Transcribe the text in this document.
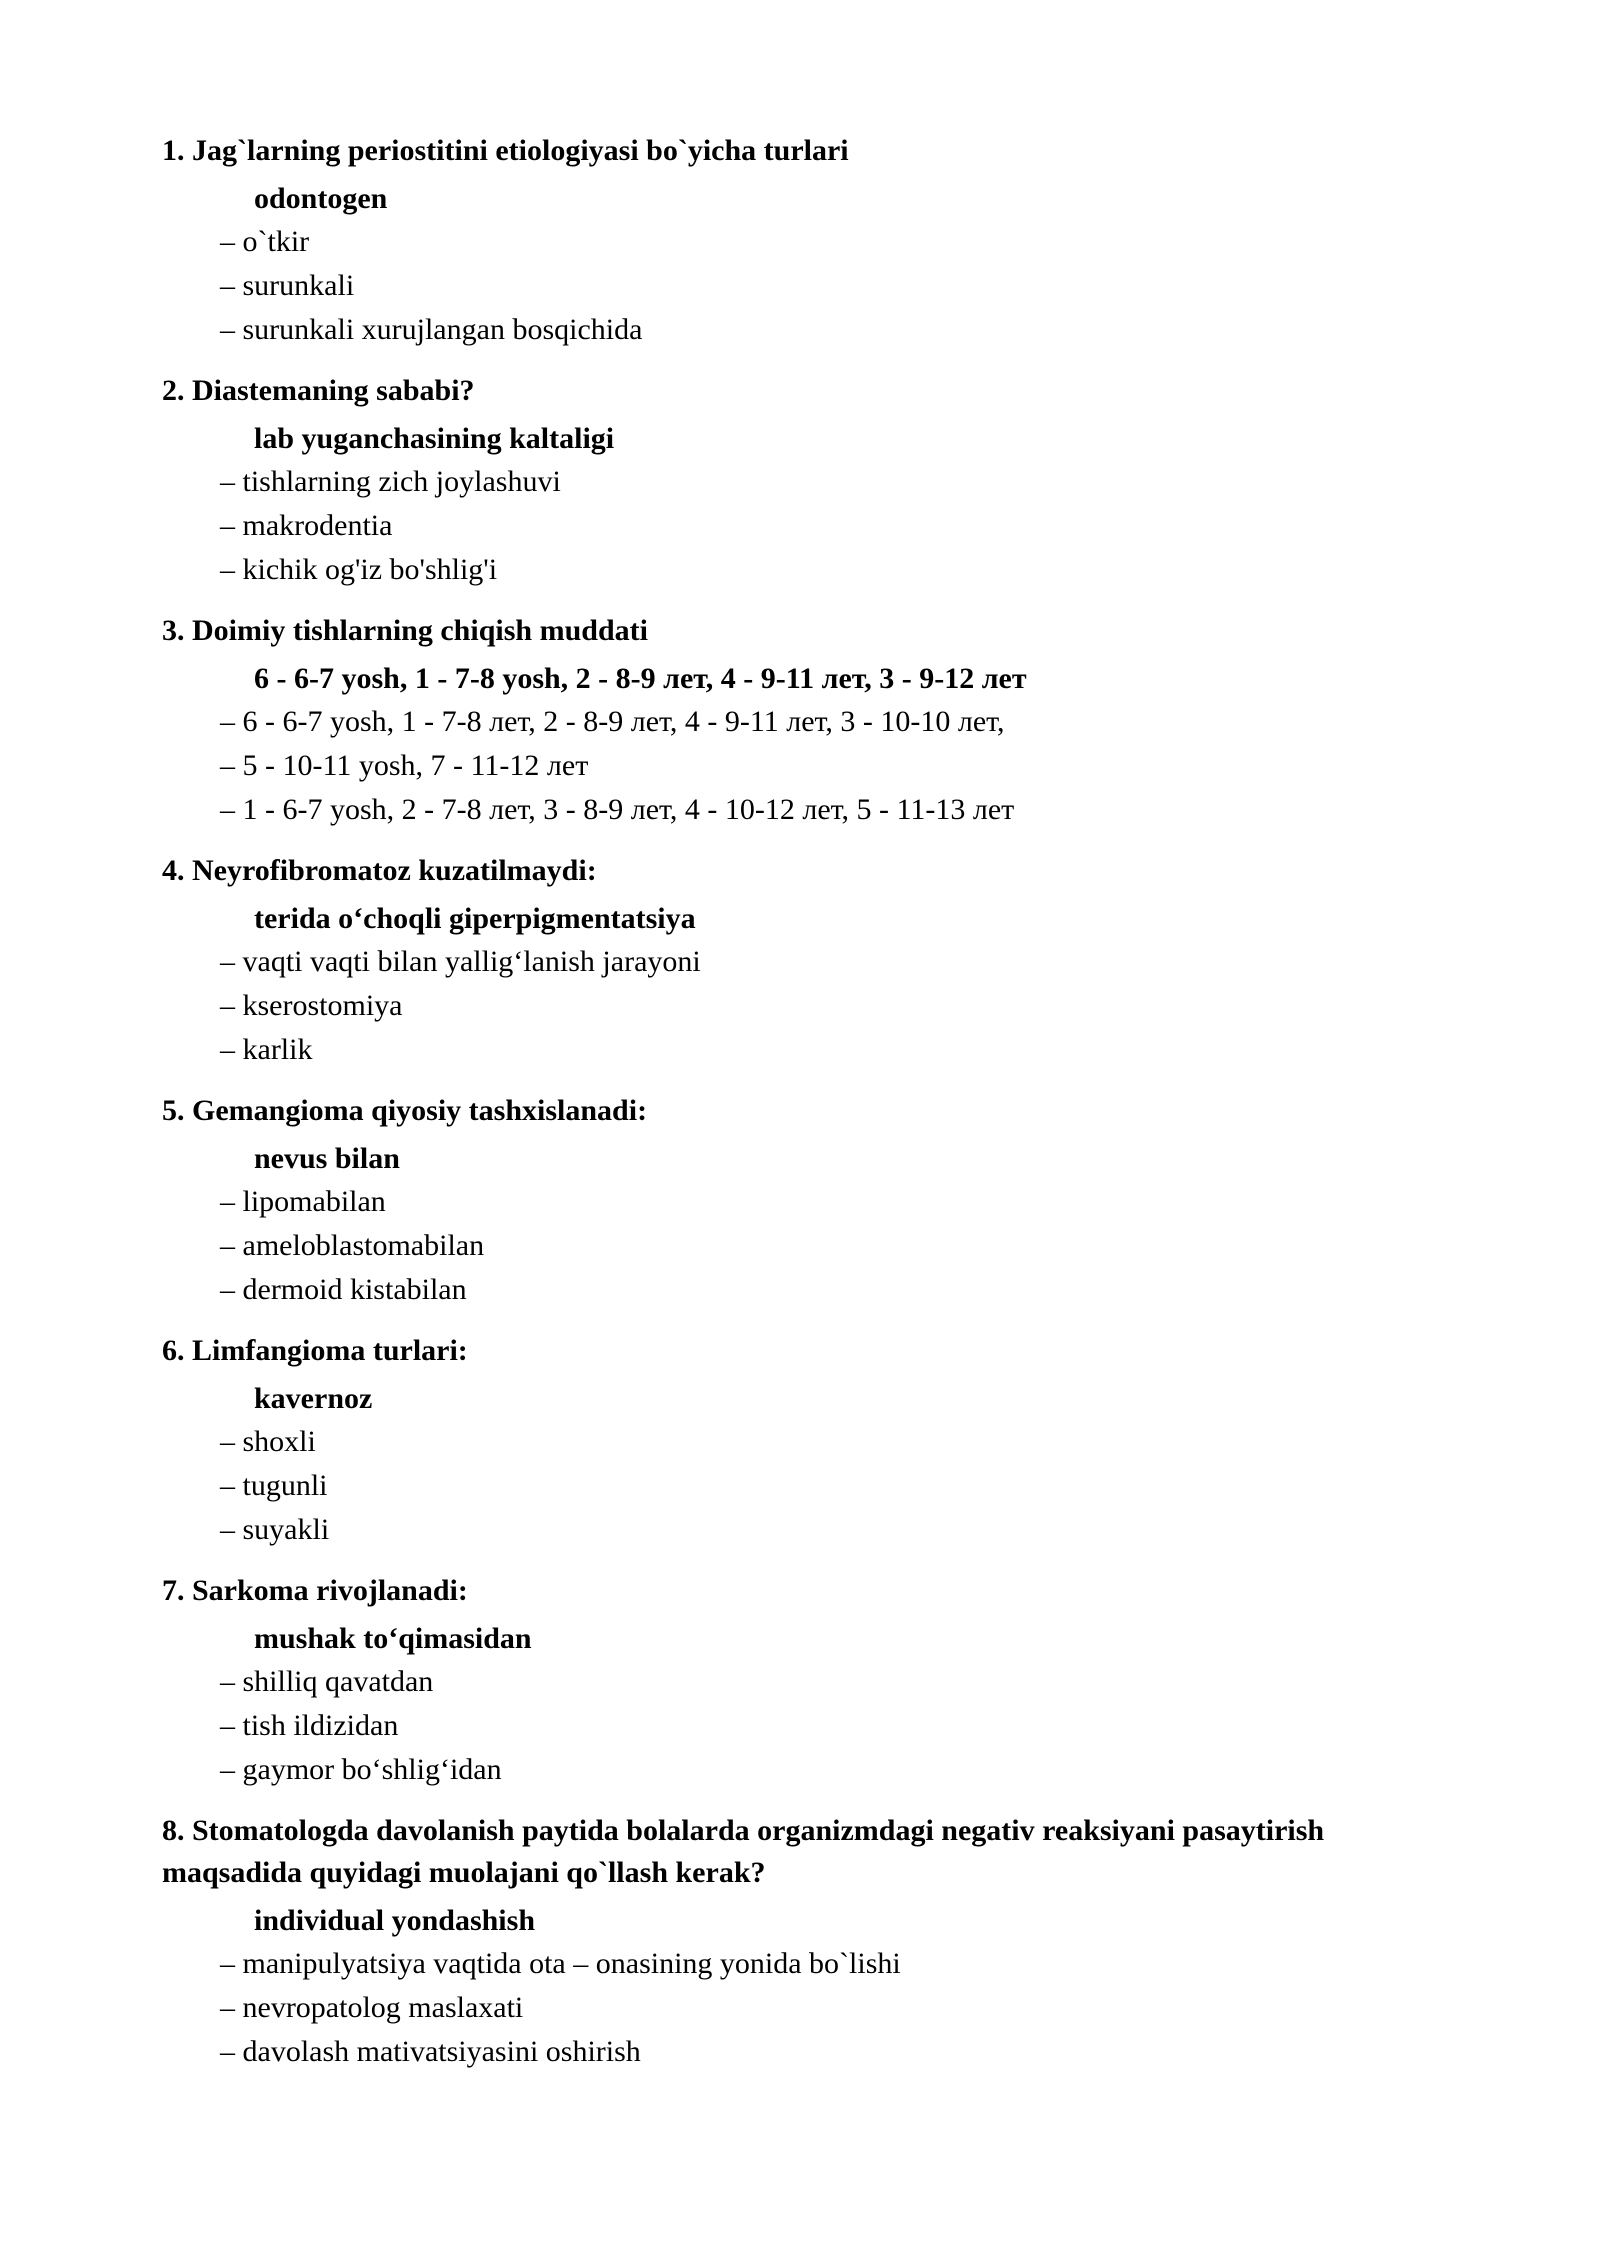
1. Jag`larning periostitini etiologiyasi bo`yicha turlari

odontogen

– o`tkir

– surunkali

– surunkali xurujlangan bosqichida

2. Diastemaning sababi?

lab yuganchasining kaltaligi

– tishlarning zich joylashuvi

– makrodentia

– kichik og'iz bo'shlig'i

3. Doimiy tishlarning chiqish muddati

6 - 6-7 yosh, 1 - 7-8 yosh, 2 - 8-9 лет, 4 - 9-11 лет, 3 - 9-12 лет

– 6 - 6-7 yosh, 1 - 7-8 лет, 2 - 8-9 лет, 4 - 9-11 лет, 3 - 10-10 лет,

– 5 - 10-11 yosh, 7 - 11-12 лет

– 1 - 6-7 yosh, 2 - 7-8 лет, 3 - 8-9 лет, 4 - 10-12 лет, 5 - 11-13 лет

4. Neyrofibromatoz kuzatilmaydi:

terida o‘choqli giperpigmentatsiya

– vaqti vaqti bilan yallig‘lanish jarayoni

– kserostomiya

– karlik

5. Gemangioma qiyosiy tashxislanadi:

nevus bilan

– lipomabilan

– ameloblastomabilan

– dermoid kistabilan

6. Limfangioma turlari:

kavernoz

– shoxli

– tugunli

– suyakli

7. Sarkoma rivojlanadi:

mushak to‘qimasidan

– shilliq qavatdan

– tish ildizidan

– gaymor bo‘shlig‘idan

8. Stomatologda davolanish paytida bolalarda organizmdagi negativ reaksiyani pasaytirish maqsadida quyidagi muolajani qo`llash kerak?

individual yondashish

– manipulyatsiya vaqtida ota – onasining yonida bo`lishi

– nevropatolog maslaxati

– davolash mativatsiyasini oshirish
